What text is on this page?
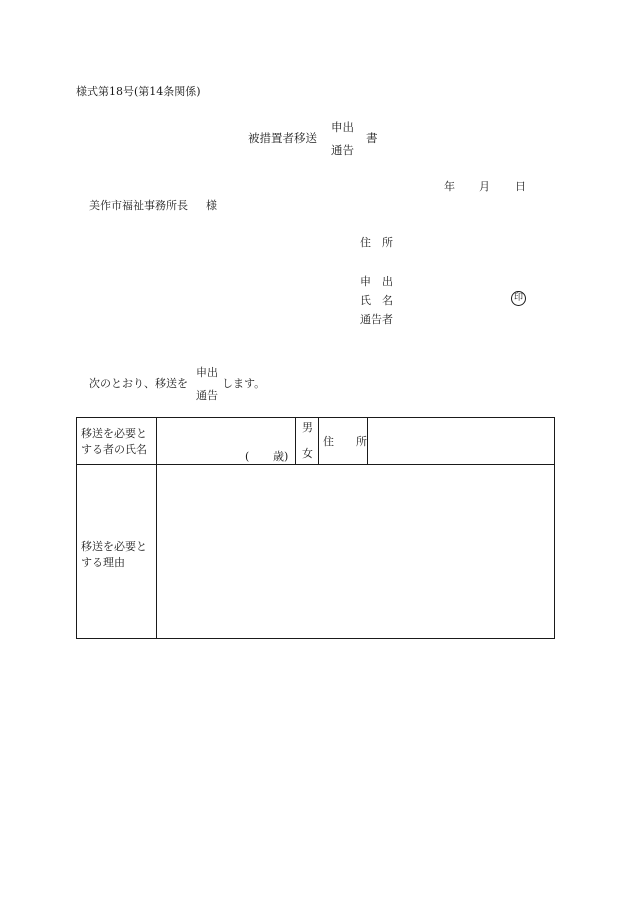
様式第18号(第14条関係)
被措置者移送
申出
通告
書
年 月 日
美作市福祉事務所長 様
住　所
申　出
氏　名
通告者
印
次のとおり、移送を
申出
通告
します。
移送を必要と
する者の氏名
( 歳)
男
女
住　　所
移送を必要と
する理由
